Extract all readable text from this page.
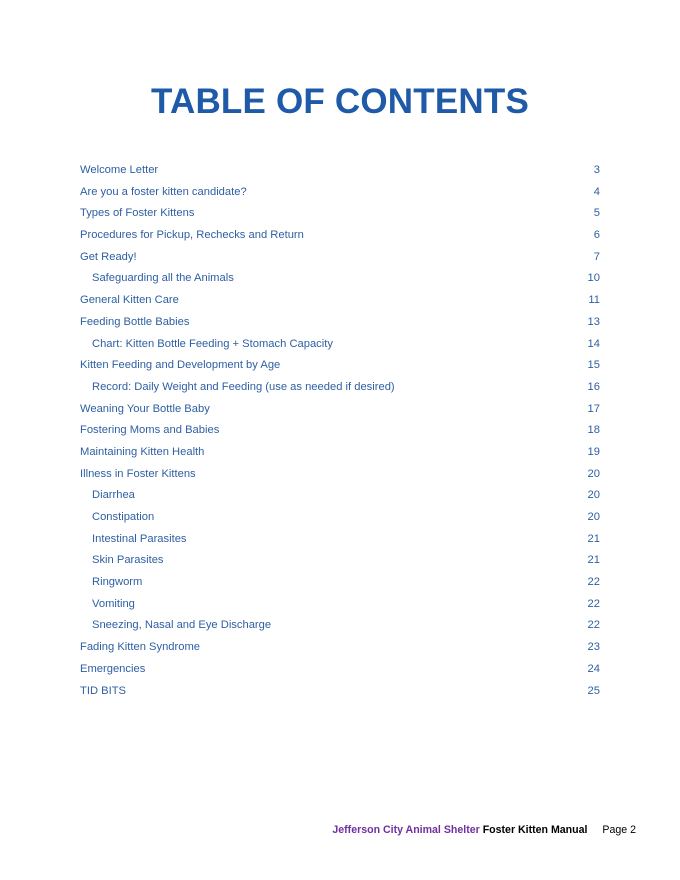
TABLE OF CONTENTS
Welcome Letter	3
Are you a foster kitten candidate?	4
Types of Foster Kittens	5
Procedures for Pickup, Rechecks and Return	6
Get Ready!	7
Safeguarding all the Animals	10
General Kitten Care	11
Feeding Bottle Babies	13
Chart: Kitten Bottle Feeding + Stomach Capacity	14
Kitten Feeding and Development by Age	15
Record: Daily Weight and Feeding (use as needed if desired)	16
Weaning Your Bottle Baby	17
Fostering Moms and Babies	18
Maintaining Kitten Health	19
Illness in Foster Kittens	20
Diarrhea	20
Constipation	20
Intestinal Parasites	21
Skin Parasites	21
Ringworm	22
Vomiting	22
Sneezing, Nasal and Eye Discharge	22
Fading Kitten Syndrome	23
Emergencies	24
TID BITS	25
Jefferson City Animal Shelter Foster Kitten Manual Page 2
